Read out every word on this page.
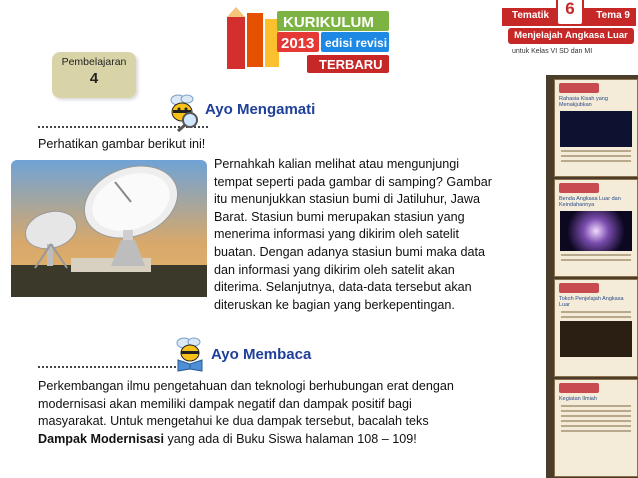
Tematik	Tema 9
6
Menjelajah Angkasa Luar
untuk Kelas VI SD dan MI
KURIKULUM
2013 edisi revisi
TERBARU
Pembelajaran
4
Ayo Mengamati
Perhatikan gambar berikut ini!
Pernahkah kalian melihat atau mengunjungi
tempat seperti pada gambar di samping? Gambar
itu menunjukkan stasiun bumi di Jatiluhur, Jawa
Barat. Stasiun bumi merupakan stasiun yang
menerima informasi yang dikirim oleh satelit
buatan. Dengan adanya stasiun bumi maka data
dan informasi yang dikirim oleh satelit akan
diterima. Selanjutnya, data-data tersebut akan
diteruskan ke bagian yang berkepentingan.
Ayo Membaca
Perkembangan ilmu pengetahuan dan teknologi berhubungan erat dengan
modernisasi akan memiliki dampak negatif dan dampak positif bagi
masyarakat. Untuk mengetahui ke dua dampak tersebut, bacalah teks
Dampak Modernisasi yang ada di Buku Siswa halaman 108 – 109!
Rahasia Kisah yang Menakjubkan
Benda Angkasa Luar dan Keindahannya
Tokoh Penjelajah Angkasa Luar
Kegiatan Ilmiah
